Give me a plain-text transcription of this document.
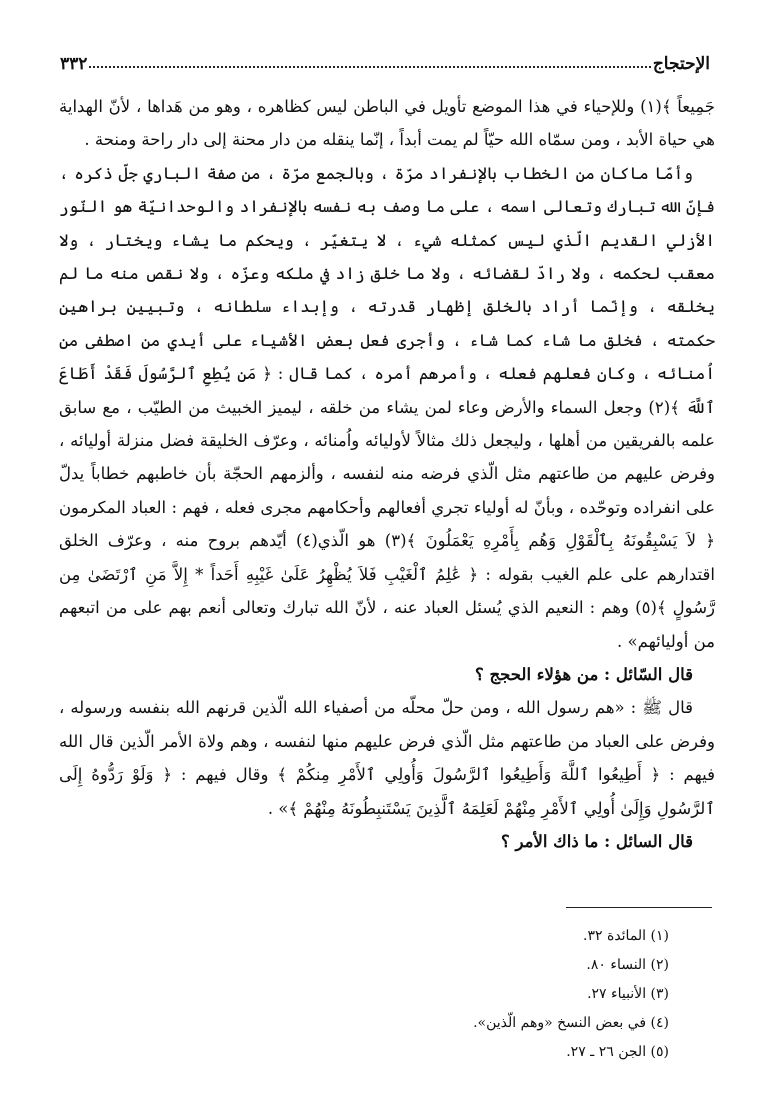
٣٣٢	الإحتجاج

جَمِيعاً ﴾(١) وللإحياء في هذا الموضع تأويل في الباطن ليس كظاهره ، وهو من هَداها ، لأنّ الهداية هي حياة الأبد ، ومن سمّاه الله حيّاً لم يمت أبداً ، إنّما ينقله من دار محنة إلى دار راحة ومنحة .

وأمّا ماكان من الخطاب بالإنفراد مرّة ، وبالجمع مرّة ، من صفة الباري جلّ ذكره ، فإنّ الله تبارك وتعالى اسمه ، على ما وصف به نفسه بالإنفراد والوحدانيّة هو النّور الأزلي القديم الّذي ليس كمثله شيء ، لا يتغيّر ، ويحكم ما يشاء ويختار ، ولا معقب لحكمه ، ولا رادّ لقضائه ، ولا ما خلق زاد في ملكه وعزّه ، ولا نقص منه ما لم يخلقه ، وإنّما أراد بالخلق إظهار قدرته ، وإبداء سلطانه ، وتبيين براهين حكمته ، فخلق ما شاء كما شاء ، وأجرى فعل بعض الأشياء على أيدي من اصطفى من اُمنائه ، وكان فعلهم فعله ، وأمرهم أمره ، كما قال : ﴿ مَن يُطِعِ ٱلرَّسُولَ فَقَدْ أَطَاعَ ٱللَّهَ ﴾(٢) وجعل السماء والأرض وعاء لمن يشاء من خلقه ، ليميز الخبيث من الطيّب ، مع سابق علمه بالفريقين من أهلها ، وليجعل ذلك مثالاً لأوليائه واُمنائه ، وعرّف الخليقة فضل منزلة أوليائه ، وفرض عليهم من طاعتهم مثل الّذي فرضه منه لنفسه ، وألزمهم الحجّة بأن خاطبهم خطاباً يدلّ على انفراده وتوحّده ، وبأنّ له أولياء تجري أفعالهم وأحكامهم مجرى فعله ، فهم : العباد المكرمون ﴿ لاَ يَسْبِقُونَهُ بِٱلْقَوْلِ وَهُم بِأَمْرِهِ يَعْمَلُونَ ﴾(٣) هو الّذي(٤) أيّدهم بروح منه ، وعرّف الخلق اقتدارهم على علم الغيب بقوله : ﴿ عَٰلِمُ ٱلْغَيْبِ فَلاَ يُظْهِرُ عَلَىٰ غَيْبِهِ أَحَداً * إِلاَّ مَنِ ٱرْتَضَىٰ مِن رَّسُولٍ ﴾(٥) وهم : النعيم الذي يُسئل العباد عنه ، لأنّ الله تبارك وتعالى أنعم بهم على من اتبعهم من أوليائهم» .

قال السّائل : من هؤلاء الحجج ؟

قال ﷺ : «هم رسول الله ، ومن حلّ محلّه من أصفياء الله الّذين قرنهم الله بنفسه ورسوله ، وفرض على العباد من طاعتهم مثل الّذي فرض عليهم منها لنفسه ، وهم ولاة الأمر الّذين قال الله فيهم : ﴿ أَطِيعُوا ٱللَّهَ وَأَطِيعُوا ٱلرَّسُولَ وَأُولِي ٱلأَمْرِ مِنكُمْ ﴾ وقال فيهم : ﴿ وَلَوْ رَدُّوهُ إِلَى ٱلرَّسُولِ وَإِلَىٰ أُولِي ٱلأَمْرِ مِنْهُمْ لَعَلِمَهُ ٱلَّذِينَ يَسْتَنبِطُونَهُ مِنْهُمْ ﴾» .

قال السائل : ما ذاك الأمر ؟

(١) المائدة ٣٢.
(٢) النساء ٨٠.
(٣) الأنبياء ٢٧.
(٤) في بعض النسخ «وهم الّذين».
(٥) الجن ٢٦ ـ ٢٧.
